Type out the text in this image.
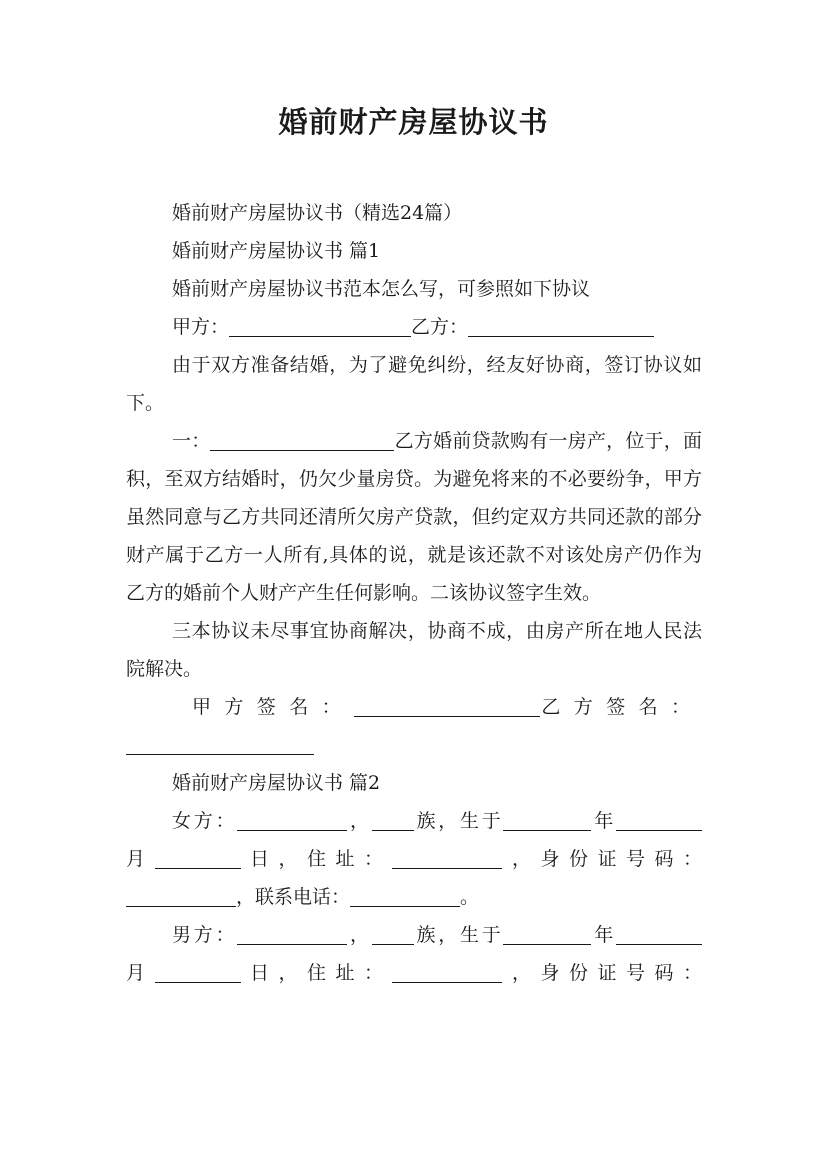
婚前财产房屋协议书

婚前财产房屋协议书（精选24篇）

婚前财产房屋协议书 篇1

婚前财产房屋协议书范本怎么写，可参照如下协议

甲方：	乙方：

由于双方准备结婚，为了避免纠纷，经友好协商，签订协议如下。

一：	乙方婚前贷款购有一房产，位于，面积，至双方结婚时，仍欠少量房贷。为避免将来的不必要纷争，甲方虽然同意与乙方共同还清所欠房产贷款，但约定双方共同还款的部分财产属于乙方一人所有,具体的说，就是该还款不对该处房产仍作为乙方的婚前个人财产产生任何影响。二该协议签字生效。

三本协议未尽事宜协商解决，协商不成，由房产所在地人民法院解决。

甲方签名：	乙方签名：

婚前财产房屋协议书 篇2

女方：	， 族，生于	年

月	日，住址：	，身份证号码：

，联系电话：	。

男方：	， 族，生于	年

月	日，住址：	，身份证号码：
